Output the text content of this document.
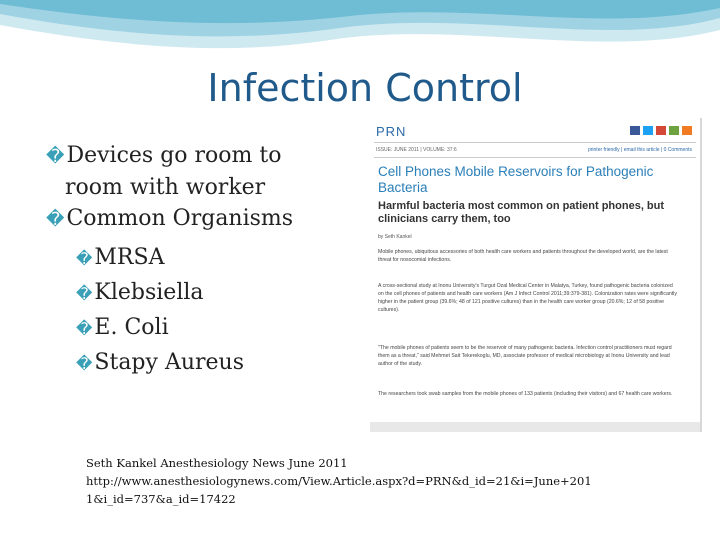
Infection Control
�Devices go room to
room with worker
�Common Organisms
�MRSA
�Klebsiella
�E. Coli
�Stapy Aureus
PRN
ISSUE: JUNE 2011 | VOLUME: 37:6	printer friendly | email this article | 0 Comments
Cell Phones Mobile Reservoirs for Pathogenic Bacteria
Harmful bacteria most common on patient phones, but clinicians carry them, too
by Seth Kankel
Mobile phones, ubiquitous accessories of both health care workers and patients throughout the developed world, are the latest threat for nosocomial infections.
A cross-sectional study at Inonu University's Turgut Ozal Medical Center in Malatya, Turkey, found pathogenic bacteria colonized on the cell phones of patients and health care workers (Am J Infect Control 2011;39:379-381). Colonization rates were significantly higher in the patient group (39.6%; 48 of 121 positive cultures) than in the health care worker group (20.6%; 12 of 58 positive cultures).
"The mobile phones of patients seem to be the reservoir of many pathogenic bacteria. Infection control practitioners must regard them as a threat," said Mehmet Sait Tekerekoglu, MD, associate professor of medical microbiology at Inonu University and lead author of the study.
The researchers took swab samples from the mobile phones of 133 patients (including their visitors) and 67 health care workers.
Seth Kankel Anesthesiology News June 2011
http://www.anesthesiologynews.com/View.Article.aspx?d=PRN&d_id=21&i=June+201
1&i_id=737&a_id=17422
